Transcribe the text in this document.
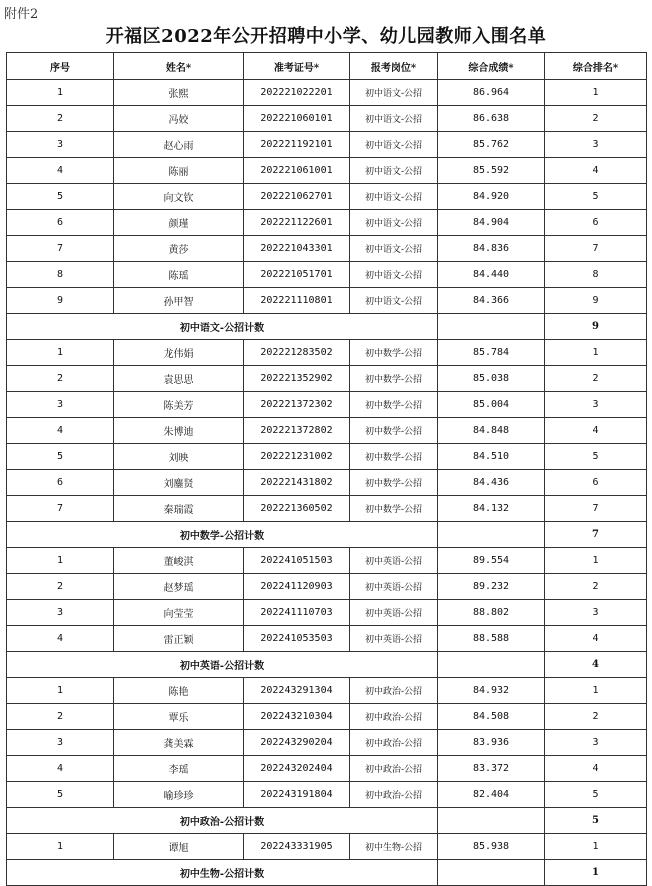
附件2
开福区2022年公开招聘中小学、幼儿园教师入围名单
序号	姓名*	准考证号*	报考岗位*	综合成绩*	综合排名*
1	张熙	202221022201	初中语文-公招	86.964	1
2	冯姣	202221060101	初中语文-公招	86.638	2
3	赵心雨	202221192101	初中语文-公招	85.762	3
4	陈丽	202221061001	初中语文-公招	85.592	4
5	向文钦	202221062701	初中语文-公招	84.920	5
6	颜瑾	202221122601	初中语文-公招	84.904	6
7	黄莎	202221043301	初中语文-公招	84.836	7
8	陈瑶	202221051701	初中语文-公招	84.440	8
9	孙甲智	202221110801	初中语文-公招	84.366	9
初中语文-公招计数					9
1	龙伟娟	202221283502	初中数学-公招	85.784	1
2	袁思思	202221352902	初中数学-公招	85.038	2
3	陈美芳	202221372302	初中数学-公招	85.004	3
4	朱博迪	202221372802	初中数学-公招	84.848	4
5	刘映	202221231002	初中数学-公招	84.510	5
6	刘鏖贤	202221431802	初中数学-公招	84.436	6
7	秦瑞霞	202221360502	初中数学-公招	84.132	7
初中数学-公招计数					7
1	董峻淇	202241051503	初中英语-公招	89.554	1
2	赵梦瑶	202241120903	初中英语-公招	89.232	2
3	向莹莹	202241110703	初中英语-公招	88.802	3
4	雷正颖	202241053503	初中英语-公招	88.588	4
初中英语-公招计数					4
1	陈艳	202243291304	初中政治-公招	84.932	1
2	覃乐	202243210304	初中政治-公招	84.508	2
3	龚美霖	202243290204	初中政治-公招	83.936	3
4	李瑶	202243202404	初中政治-公招	83.372	4
5	喻珍珍	202243191804	初中政治-公招	82.404	5
初中政治-公招计数					5
1	谭旭	202243331905	初中生物-公招	85.938	1
初中生物-公招计数					1
